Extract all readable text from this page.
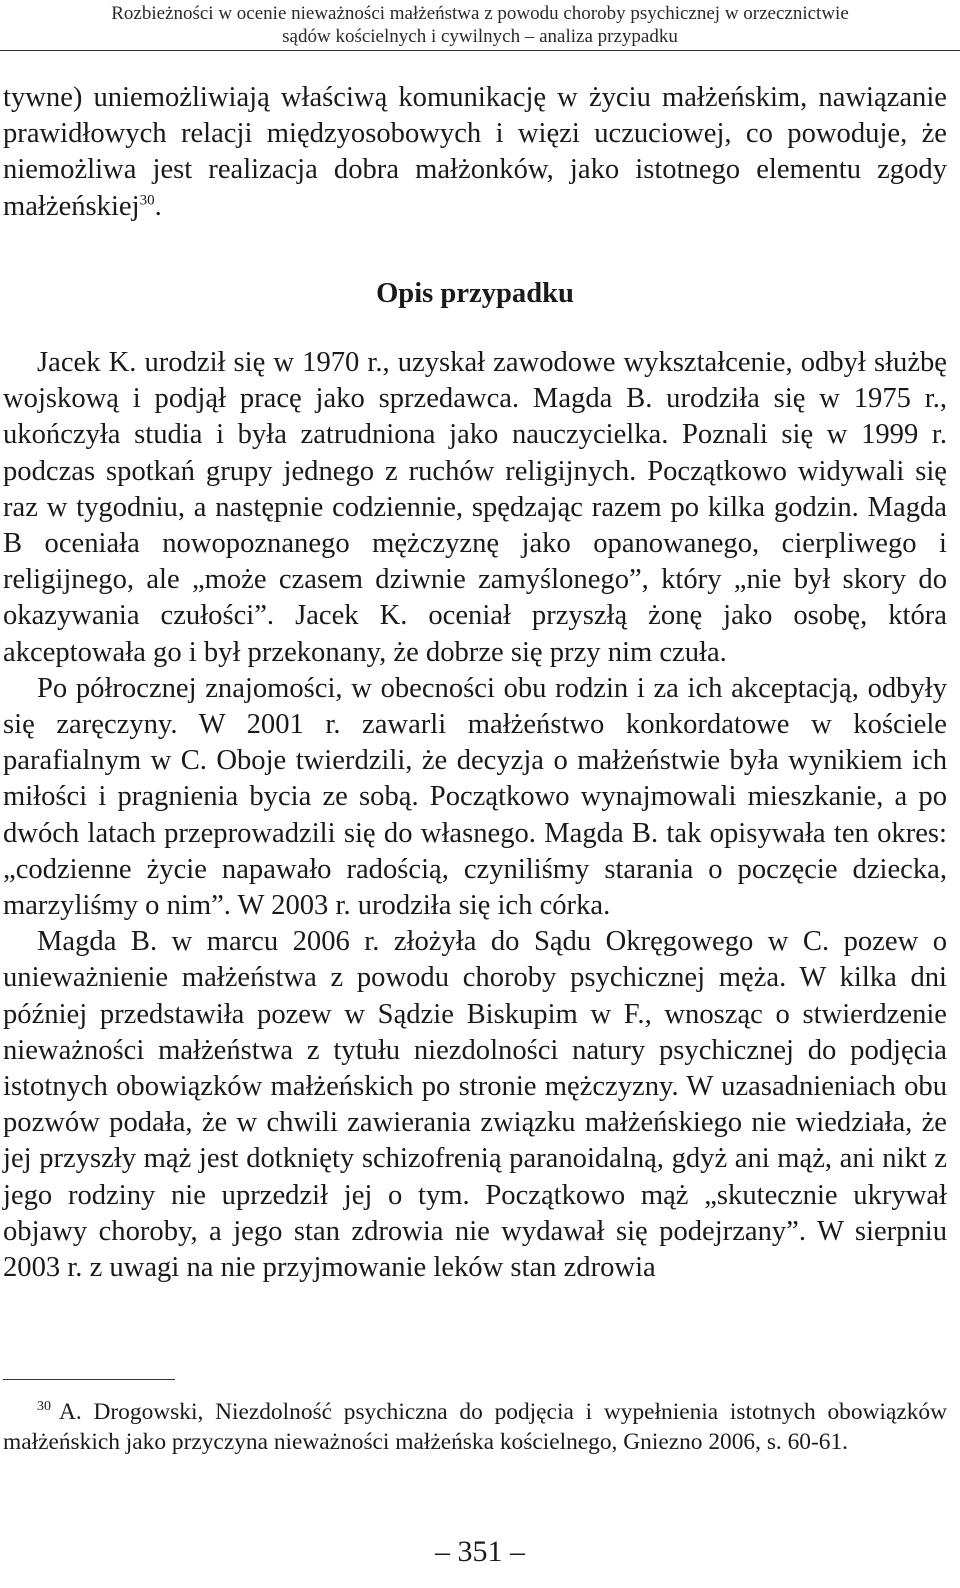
Rozbieżności w ocenie nieważności małżeństwa z powodu choroby psychicznej w orzecznictwie
sądów kościelnych i cywilnych – analiza przypadku

tywne) uniemożliwiają właściwą komunikację w życiu małżeńskim, nawiązanie prawidłowych relacji międzyosobowych i więzi uczuciowej, co powoduje, że niemożliwa jest realizacja dobra małżonków, jako istotnego elementu zgody małżeńskiej$^{30}$.

Opis przypadku

Jacek K. urodził się w 1970 r., uzyskał zawodowe wykształcenie, odbył służbę wojskową i podjął pracę jako sprzedawca. Magda B. urodziła się w 1975 r., ukończyła studia i była zatrudniona jako nauczycielka. Poznali się w 1999 r. podczas spotkań grupy jednego z ruchów religijnych. Początkowo widywali się raz w tygodniu, a następnie codziennie, spędzając razem po kilka godzin. Magda B oceniała nowopoznanego mężczyznę jako opanowanego, cierpliwego i religijnego, ale „może czasem dziwnie zamyślonego”, który „nie był skory do okazywania czułości”. Jacek K. oceniał przyszłą żonę jako osobę, która akceptowała go i był przekonany, że dobrze się przy nim czuła.

Po półrocznej znajomości, w obecności obu rodzin i za ich akceptacją, odbyły się zaręczyny. W 2001 r. zawarli małżeństwo konkordatowe w kościele parafialnym w C. Oboje twierdzili, że decyzja o małżeństwie była wynikiem ich miłości i pragnienia bycia ze sobą. Początkowo wynajmowali mieszkanie, a po dwóch latach przeprowadzili się do własnego. Magda B. tak opisywała ten okres: „codzienne życie napawało radością, czyniliśmy starania o poczęcie dziecka, marzyliśmy o nim”. W 2003 r. urodziła się ich córka.

Magda B. w marcu 2006 r. złożyła do Sądu Okręgowego w C. pozew o unieważnienie małżeństwa z powodu choroby psychicznej męża. W kilka dni później przedstawiła pozew w Sądzie Biskupim w F., wnosząc o stwierdzenie nieważności małżeństwa z tytułu niezdolności natury psychicznej do podjęcia istotnych obowiązków małżeńskich po stronie mężczyzny. W uzasadnieniach obu pozwów podała, że w chwili zawierania związku małżeńskiego nie wiedziała, że jej przyszły mąż jest dotknięty schizofrenią paranoidalną, gdyż ani mąż, ani nikt z jego rodziny nie uprzedził jej o tym. Początkowo mąż „skutecznie ukrywał objawy choroby, a jego stan zdrowia nie wydawał się podejrzany”. W sierpniu 2003 r. z uwagi na nie przyjmowanie leków stan zdrowia

$^{30}$ A. Drogowski, Niezdolność psychiczna do podjęcia i wypełnienia istotnych obowiązków małżeńskich jako przyczyna nieważności małżeńska kościelnego, Gniezno 2006, s. 60-61.

– 351 –
